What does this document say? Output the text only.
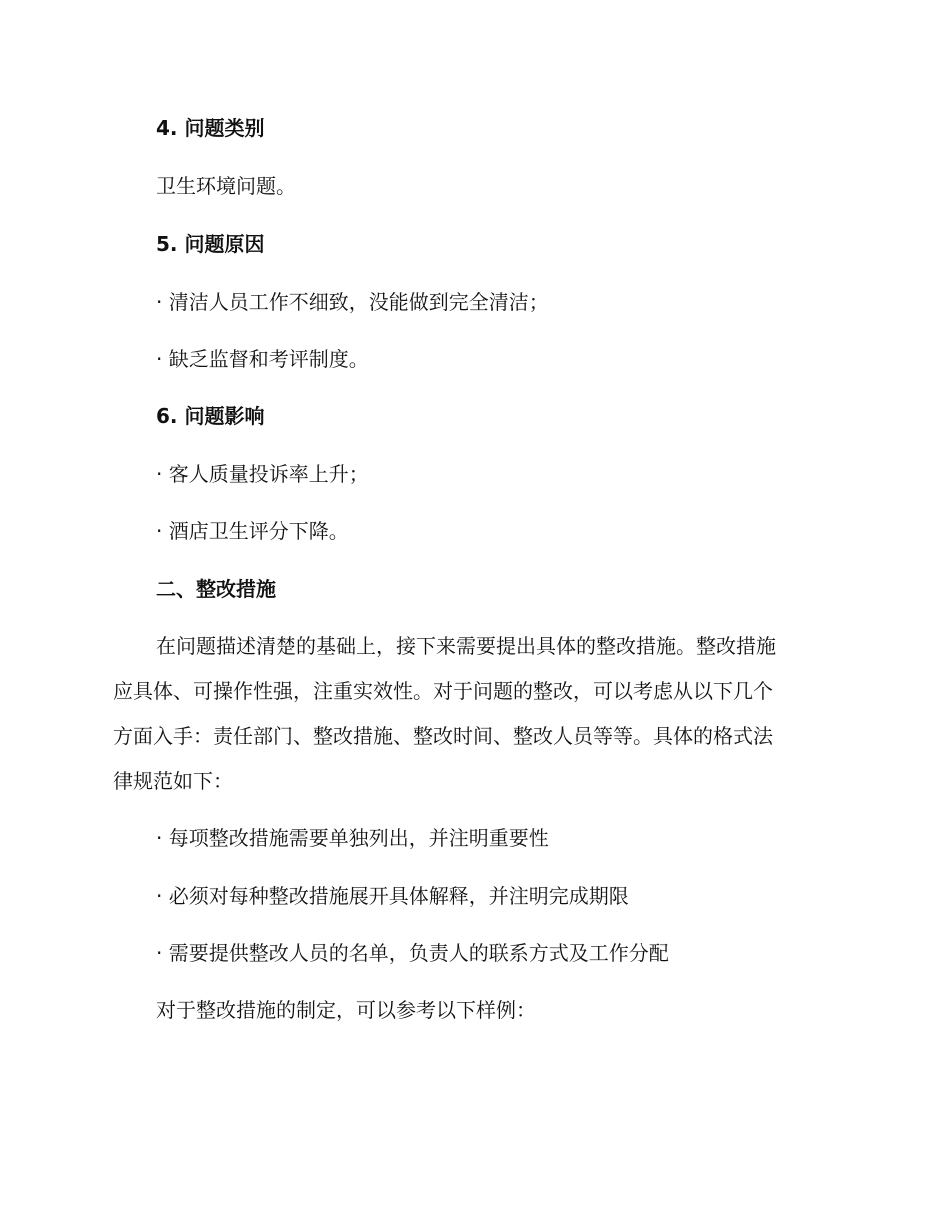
4. 问题类别
卫生环境问题。
5. 问题原因
· 清洁人员工作不细致，没能做到完全清洁；
· 缺乏监督和考评制度。
6. 问题影响
· 客人质量投诉率上升；
· 酒店卫生评分下降。
二、整改措施
在问题描述清楚的基础上，接下来需要提出具体的整改措施。整改措施
应具体、可操作性强，注重实效性。对于问题的整改，可以考虑从以下几个
方面入手：责任部门、整改措施、整改时间、整改人员等等。具体的格式法
律规范如下：
· 每项整改措施需要单独列出，并注明重要性
· 必须对每种整改措施展开具体解释，并注明完成期限
· 需要提供整改人员的名单，负责人的联系方式及工作分配
对于整改措施的制定，可以参考以下样例：
